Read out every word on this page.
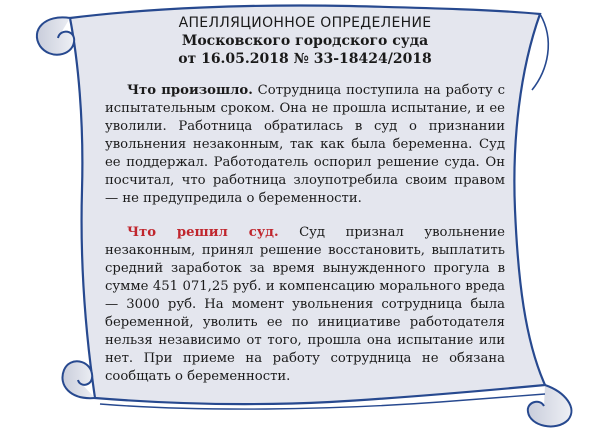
АПЕЛЛЯЦИОННОЕ ОПРЕДЕЛЕНИЕ
Московского городского суда
от 16.05.2018 № 33-18424/2018

Что произошло. Сотрудница поступила на работу с испытательным сроком. Она не прошла испытание, и ее уволили. Работница обратилась в суд о признании увольнения незаконным, так как была беременна. Суд ее поддержал. Работодатель оспорил решение суда. Он посчитал, что работница злоупотребила своим правом — не предупредила о беременности.

Что решил суд. Суд признал увольнение незаконным, принял решение восстановить, выплатить средний заработок за время вынужденного прогула в сумме 451 071,25 руб. и компенсацию морального вреда — 3000 руб. На момент увольнения сотрудница была беременной, уволить ее по инициативе работодателя нельзя независимо от того, прошла она испытание или нет. При приеме на работу сотрудница не обязана сообщать о беременности.
